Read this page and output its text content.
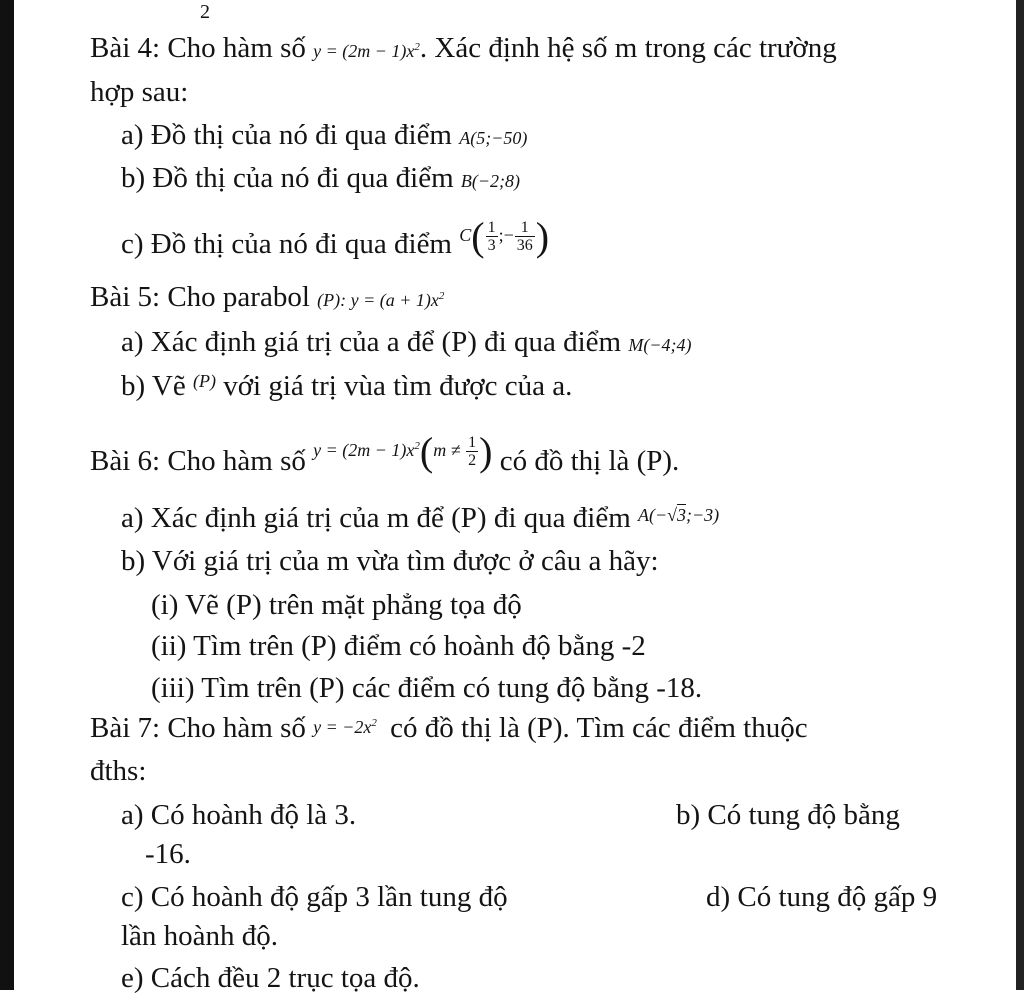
2
Bài 4: Cho hàm số $y = (2m - 1)x^2$. Xác định hệ số m trong các trường
hợp sau:
a) Đồ thị của nó đi qua điểm A(5;−50)
b) Đồ thị của nó đi qua điểm B(−2;8)
c) Đồ thị của nó đi qua điểm $^{C( \frac{1}{3} ;- \frac{1}{36} )}$
Bài 5: Cho parabol (P): $y = (a + 1)x^2$
a) Xác định giá trị của a để (P) đi qua điểm M(−4;4)
b) Vẽ $^{(P)}$ với giá trị vùa tìm được của a.
Bài 6: Cho hàm số $^{y = (2m - 1)x^2(m \ne \frac{1}{2} )}$ có đồ thị là (P).
a) Xác định giá trị của m để (P) đi qua điểm $^{A(-√3;-3)}$
b) Với giá trị của m vừa tìm được ở câu a hãy:
(i) Vẽ (P) trên mặt phẳng tọa độ
(ii) Tìm trên (P) điểm có hoành độ bằng -2
(iii) Tìm trên (P) các điểm có tung độ bằng -18.
Bài 7: Cho hàm số $y = -2x^2$ có đồ thị là (P). Tìm các điểm thuộc
đths:
a) Có hoành độ là 3.	b) Có tung độ bằng
-16.
c) Có hoành độ gấp 3 lần tung độ	d) Có tung độ gấp 9
lần hoành độ.
e) Cách đều 2 trục tọa độ.
